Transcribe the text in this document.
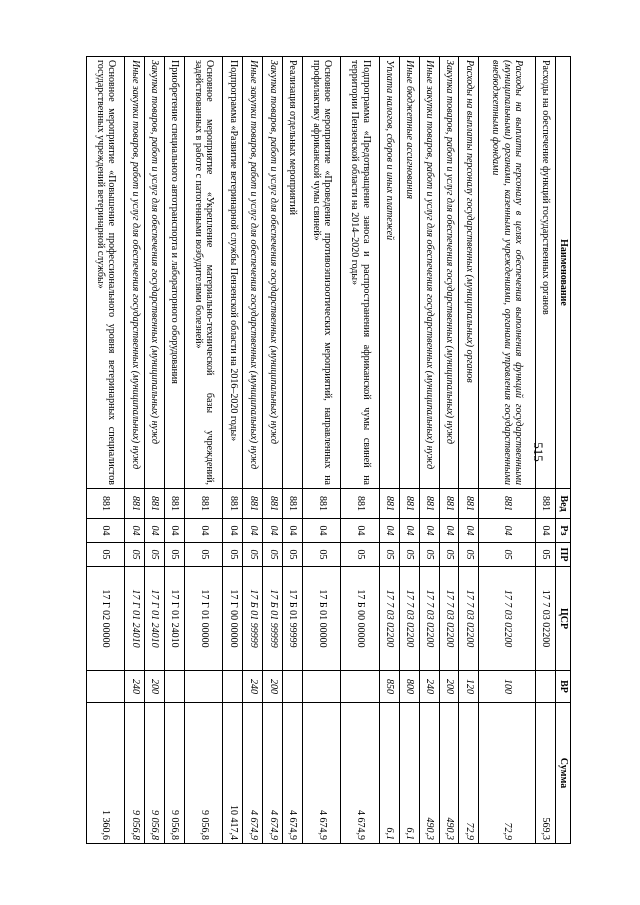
515
Наименование	Вед	Рз	ПР	ЦСР	ВР	Сумма
Расходы на обеспечение функций государственных органов	881	04	05	17 7 03 02200		569,3
Расходы на выплаты персоналу в целях обеспечения выполнения функций государственными (муниципальными) органами, казенными учреждениями, органами управления государственными внебюджетными фондами	881	04	05	17 7 03 02200	100	72,9
Расходы на выплаты персоналу государственных (муниципальных) органов	881	04	05	17 7 03 02200	120	72,9
Закупка товаров, работ и услуг для обеспечения государственных (муниципальных) нужд	881	04	05	17 7 03 02200	200	490,3
Иные закупки товаров, работ и услуг для обеспечения государственных (муниципальных) нужд	881	04	05	17 7 03 02200	240	490,3
Иные бюджетные ассигнования	881	04	05	17 7 03 02200	800	6,1
Уплата налогов, сборов и иных платежей	881	04	05	17 7 03 02200	850	6,1
Подпрограмма «Предотвращение заноса и распространения африканской чумы свиней на территории Пензенской области на 2014–2020 годы»	881	04	05	17 Б 00 00000		4 674,9
Основное мероприятие «Проведение противоэпизоотических мероприятий, направленных на профилактику африканской чумы свиней»	881	04	05	17 Б 01 00000		4 674,9
Реализация отдельных мероприятий	881	04	05	17 Б 01 99999		4 674,9
Закупка товаров, работ и услуг для обеспечения государственных (муниципальных) нужд	881	04	05	17 Б 01 99999	200	4 674,9
Иные закупки товаров, работ и услуг для обеспечения государственных (муниципальных) нужд	881	04	05	17 Б 01 99999	240	4 674,9
Подпрограмма «Развитие ветеринарной службы Пензенской области на 2016–2020 годы»	881	04	05	17 Г 00 00000		10 417,4
Основное мероприятие «Укрепление материально-технической базы учреждений, задействованных в работе с патогенными возбудителями болезней»	881	04	05	17 Г 01 00000		9 056,8
Приобретение специального автотранспорта и лабораторного оборудования	881	04	05	17 Г 01 24010		9 056,8
Закупка товаров, работ и услуг для обеспечения государственных (муниципальных) нужд	881	04	05	17 Г 01 24010	200	9 056,8
Иные закупки товаров, работ и услуг для обеспечения государственных (муниципальных) нужд	881	04	05	17 Г 01 24010	240	9 056,8
Основное мероприятие «Повышение профессионального уровня ветеринарных специалистов государственных учреждений ветеринарной службы»	881	04	05	17 Г 02 00000		1 360,6
